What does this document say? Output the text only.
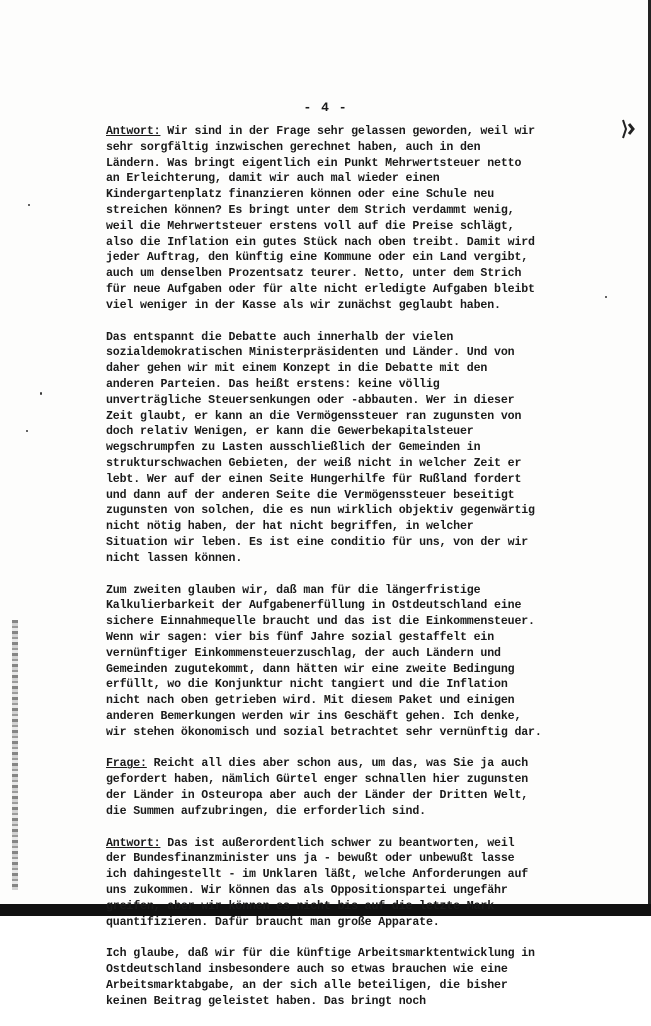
- 4 -
Antwort: Wir sind in der Frage sehr gelassen geworden, weil wir
sehr sorgfältig inzwischen gerechnet haben, auch in den
Ländern. Was bringt eigentlich ein Punkt Mehrwertsteuer netto
an Erleichterung, damit wir auch mal wieder einen
Kindergartenplatz finanzieren können oder eine Schule neu
streichen können? Es bringt unter dem Strich verdammt wenig,
weil die Mehrwertsteuer erstens voll auf die Preise schlägt,
also die Inflation ein gutes Stück nach oben treibt. Damit wird
jeder Auftrag, den künftig eine Kommune oder ein Land vergibt,
auch um denselben Prozentsatz teurer. Netto, unter dem Strich
für neue Aufgaben oder für alte nicht erledigte Aufgaben bleibt
viel weniger in der Kasse als wir zunächst geglaubt haben.
Das entspannt die Debatte auch innerhalb der vielen
sozialdemokratischen Ministerpräsidenten und Länder. Und von
daher gehen wir mit einem Konzept in die Debatte mit den
anderen Parteien. Das heißt erstens: keine völlig
unverträgliche Steuersenkungen oder -abbauten. Wer in dieser
Zeit glaubt, er kann an die Vermögenssteuer ran zugunsten von
doch relativ Wenigen, er kann die Gewerbekapitalsteuer
wegschrumpfen zu Lasten ausschließlich der Gemeinden in
strukturschwachen Gebieten, der weiß nicht in welcher Zeit er
lebt. Wer auf der einen Seite Hungerhilfe für Rußland fordert
und dann auf der anderen Seite die Vermögenssteuer beseitigt
zugunsten von solchen, die es nun wirklich objektiv gegenwärtig
nicht nötig haben, der hat nicht begriffen, in welcher
Situation wir leben. Es ist eine conditio für uns, von der wir
nicht lassen können.
Zum zweiten glauben wir, daß man für die längerfristige
Kalkulierbarkeit der Aufgabenerfüllung in Ostdeutschland eine
sichere Einnahmequelle braucht und das ist die Einkommensteuer.
Wenn wir sagen: vier bis fünf Jahre sozial gestaffelt ein
vernünftiger Einkommensteuerzuschlag, der auch Ländern und
Gemeinden zugutekommt, dann hätten wir eine zweite Bedingung
erfüllt, wo die Konjunktur nicht tangiert und die Inflation
nicht nach oben getrieben wird. Mit diesem Paket und einigen
anderen Bemerkungen werden wir ins Geschäft gehen. Ich denke,
wir stehen ökonomisch und sozial betrachtet sehr vernünftig dar.
Frage: Reicht all dies aber schon aus, um das, was Sie ja auch
gefordert haben, nämlich Gürtel enger schnallen hier zugunsten
der Länder in Osteuropa aber auch der Länder der Dritten Welt,
die Summen aufzubringen, die erforderlich sind.
Antwort: Das ist außerordentlich schwer zu beantworten, weil
der Bundesfinanzminister uns ja - bewußt oder unbewußt lasse
ich dahingestellt - im Unklaren läßt, welche Anforderungen auf
uns zukommen. Wir können das als Oppositionspartei ungefähr
greifen, aber wir können es nicht bis auf die letzte Mark
quantifizieren. Dafür braucht man große Apparate.
Ich glaube, daß wir für die künftige Arbeitsmarktentwicklung in
Ostdeutschland insbesondere auch so etwas brauchen wie eine
Arbeitsmarktabgabe, an der sich alle beteiligen, die bisher
keinen Beitrag geleistet haben. Das bringt noch
